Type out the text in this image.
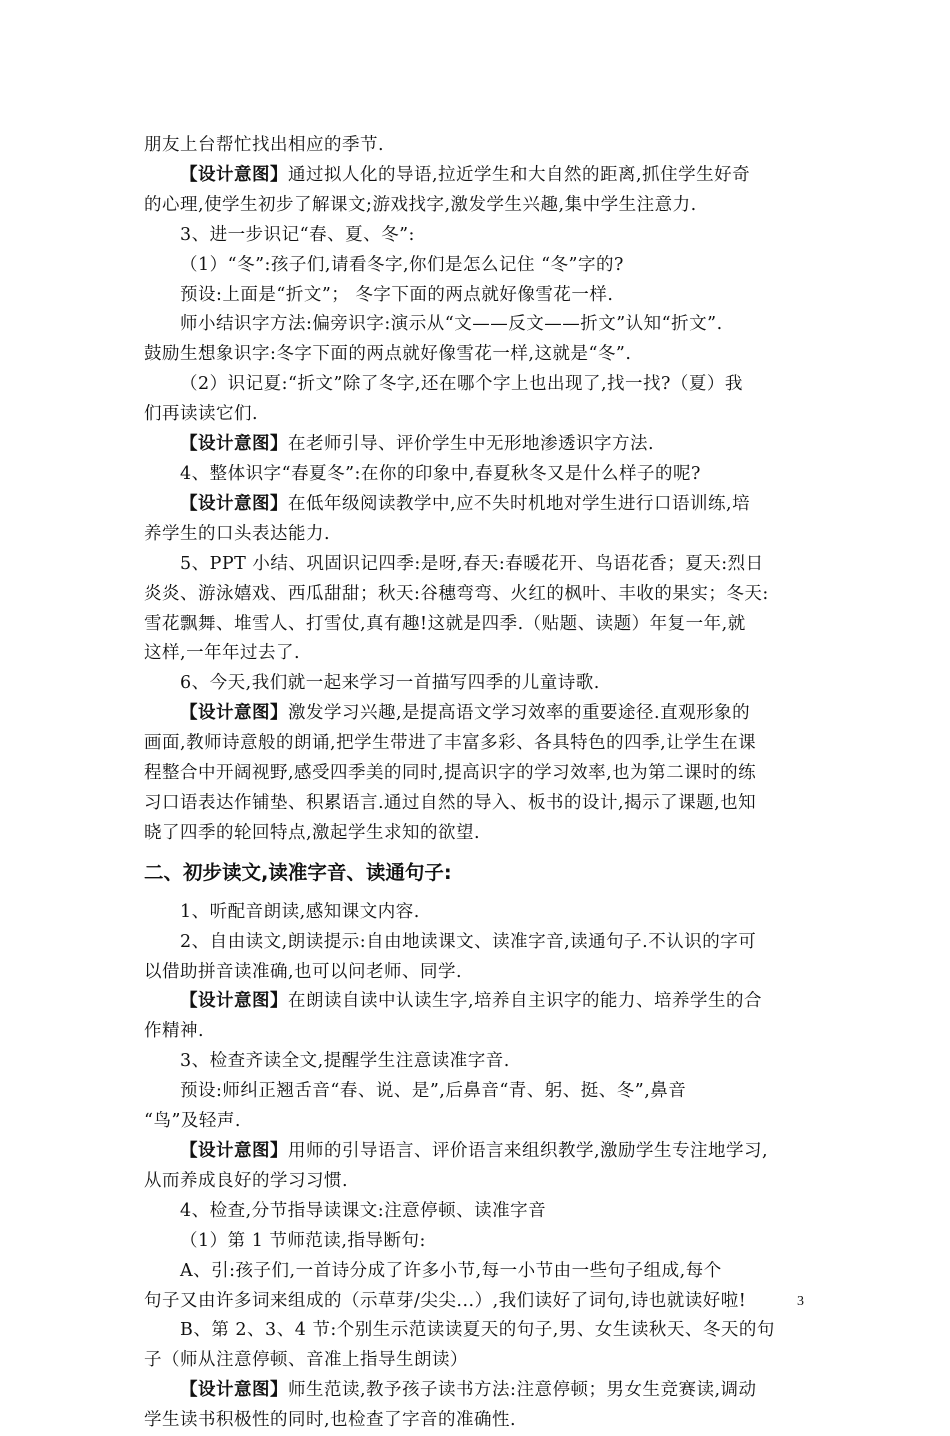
朋友上台帮忙找出相应的季节.
【设计意图】通过拟人化的导语,拉近学生和大自然的距离,抓住学生好奇
的心理,使学生初步了解课文;游戏找字,激发学生兴趣,集中学生注意力.
3、进一步识记“春、夏、冬”:
（1）“冬”:孩子们,请看冬字,你们是怎么记住 “冬”字的?
预设:上面是“折文”； 冬字下面的两点就好像雪花一样.
师小结识字方法:偏旁识字:演示从“文——反文——折文”认知“折文”.
鼓励生想象识字:冬字下面的两点就好像雪花一样,这就是“冬”.
（2）识记夏:“折文”除了冬字,还在哪个字上也出现了,找一找?（夏）我
们再读读它们.
【设计意图】在老师引导、评价学生中无形地渗透识字方法.
4、整体识字“春夏冬”:在你的印象中,春夏秋冬又是什么样子的呢?
【设计意图】在低年级阅读教学中,应不失时机地对学生进行口语训练,培
养学生的口头表达能力.
5、PPT 小结、巩固识记四季:是呀,春天:春暖花开、鸟语花香；夏天:烈日
炎炎、游泳嬉戏、西瓜甜甜；秋天:谷穗弯弯、火红的枫叶、丰收的果实；冬天:
雪花飘舞、堆雪人、打雪仗,真有趣!这就是四季.（贴题、读题）年复一年,就
这样,一年年过去了.
6、今天,我们就一起来学习一首描写四季的儿童诗歌.
【设计意图】激发学习兴趣,是提高语文学习效率的重要途径.直观形象的
画面,教师诗意般的朗诵,把学生带进了丰富多彩、各具特色的四季,让学生在课
程整合中开阔视野,感受四季美的同时,提高识字的学习效率,也为第二课时的练
习口语表达作铺垫、积累语言.通过自然的导入、板书的设计,揭示了课题,也知
晓了四季的轮回特点,激起学生求知的欲望.
二、初步读文,读准字音、读通句子:
1、听配音朗读,感知课文内容.
2、自由读文,朗读提示:自由地读课文、读准字音,读通句子.不认识的字可
以借助拼音读准确,也可以问老师、同学.
【设计意图】在朗读自读中认读生字,培养自主识字的能力、培养学生的合
作精神.
3、检查齐读全文,提醒学生注意读准字音.
预设:师纠正翘舌音“春、说、是”,后鼻音“青、躬、挺、冬”,鼻音
“鸟”及轻声.
【设计意图】用师的引导语言、评价语言来组织教学,激励学生专注地学习,
从而养成良好的学习习惯.
4、检查,分节指导读课文:注意停顿、读准字音
（1）第 1 节师范读,指导断句:
A、引:孩子们,一首诗分成了许多小节,每一小节由一些句子组成,每个
句子又由许多词来组成的（示草芽/尖尖...）,我们读好了词句,诗也就读好啦!
B、第 2、3、4 节:个别生示范读读夏天的句子,男、女生读秋天、冬天的句
子（师从注意停顿、音准上指导生朗读）
【设计意图】师生范读,教予孩子读书方法:注意停顿；男女生竞赛读,调动
学生读书积极性的同时,也检查了字音的准确性.
3
